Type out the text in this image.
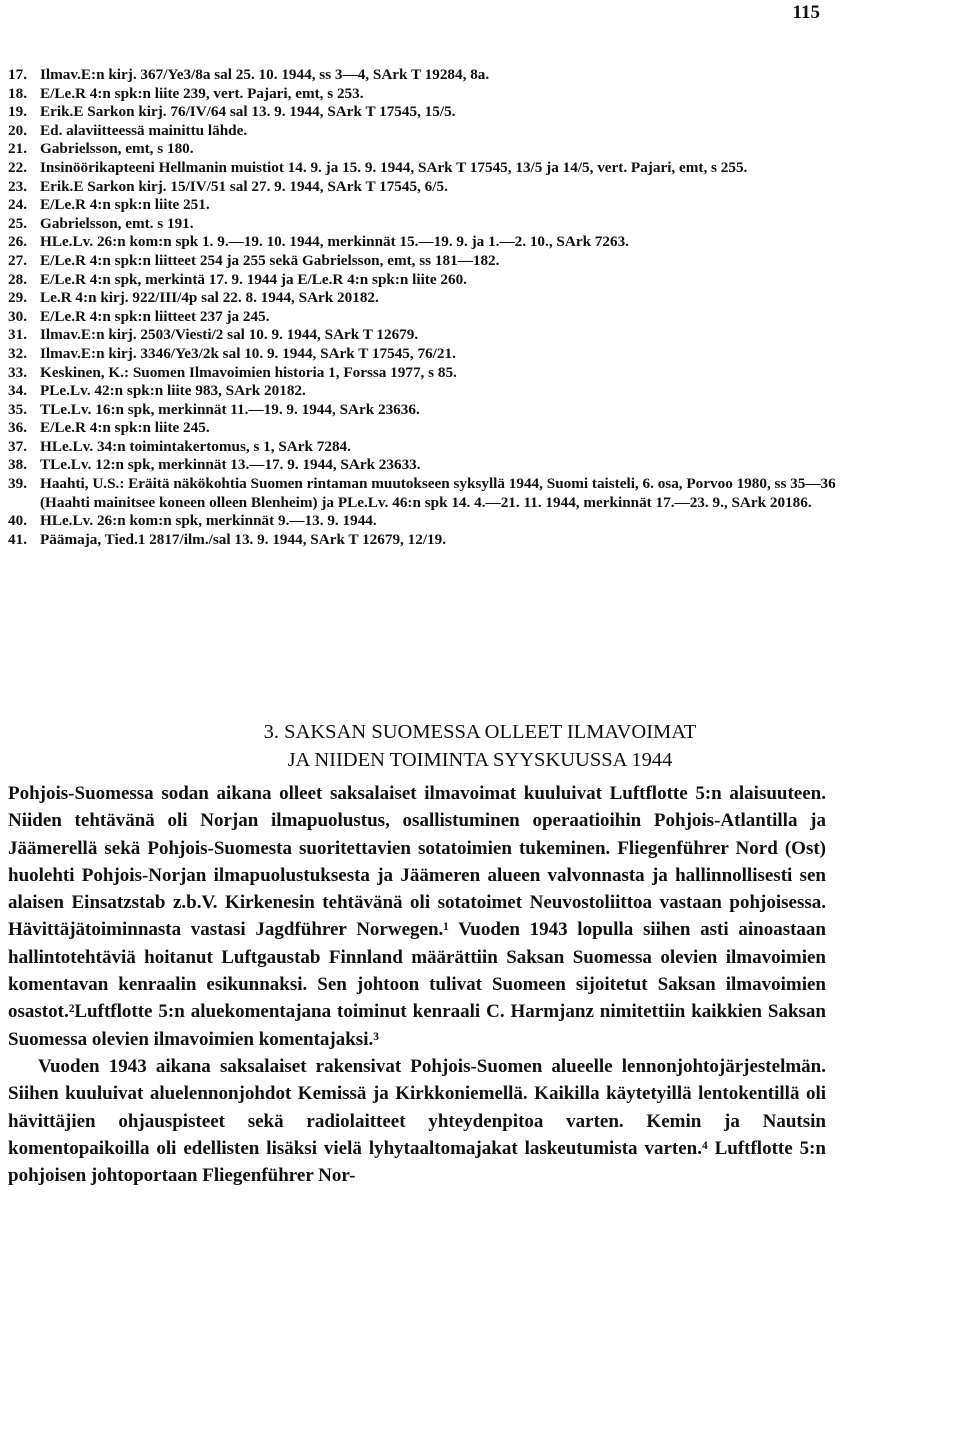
115
17. Ilmav.E:n kirj. 367/Ye3/8a sal 25. 10. 1944, ss 3—4, SArk T 19284, 8a.
18. E/Le.R 4:n spk:n liite 239, vert. Pajari, emt, s 253.
19. Erik.E Sarkon kirj. 76/IV/64 sal 13. 9. 1944, SArk T 17545, 15/5.
20. Ed. alaviitteessä mainittu lähde.
21. Gabrielsson, emt, s 180.
22. Insinöörikapteeni Hellmanin muistiot 14. 9. ja 15. 9. 1944, SArk T 17545, 13/5 ja 14/5, vert. Pajari, emt, s 255.
23. Erik.E Sarkon kirj. 15/IV/51 sal 27. 9. 1944, SArk T 17545, 6/5.
24. E/Le.R 4:n spk:n liite 251.
25. Gabrielsson, emt. s 191.
26. HLe.Lv. 26:n kom:n spk 1. 9.—19. 10. 1944, merkinnät 15.—19. 9. ja 1.—2. 10., SArk 7263.
27. E/Le.R 4:n spk:n liitteet 254 ja 255 sekä Gabrielsson, emt, ss 181—182.
28. E/Le.R 4:n spk, merkintä 17. 9. 1944 ja E/Le.R 4:n spk:n liite 260.
29. Le.R 4:n kirj. 922/III/4p sal 22. 8. 1944, SArk 20182.
30. E/Le.R 4:n spk:n liitteet 237 ja 245.
31. Ilmav.E:n kirj. 2503/Viesti/2 sal 10. 9. 1944, SArk T 12679.
32. Ilmav.E:n kirj. 3346/Ye3/2k sal 10. 9. 1944, SArk T 17545, 76/21.
33. Keskinen, K.: Suomen Ilmavoimien historia 1, Forssa 1977, s 85.
34. PLe.Lv. 42:n spk:n liite 983, SArk 20182.
35. TLe.Lv. 16:n spk, merkinnät 11.—19. 9. 1944, SArk 23636.
36. E/Le.R 4:n spk:n liite 245.
37. HLe.Lv. 34:n toimintakertomus, s 1, SArk 7284.
38. TLe.Lv. 12:n spk, merkinnät 13.—17. 9. 1944, SArk 23633.
39. Haahti, U.S.: Eräitä näkökohtia Suomen rintaman muutokseen syksyllä 1944, Suomi taisteli, 6. osa, Porvoo 1980, ss 35—36 (Haahti mainitsee koneen olleen Blenheim) ja PLe.Lv. 46:n spk 14. 4.—21. 11. 1944, merkinnät 17.—23. 9., SArk 20186.
40. HLe.Lv. 26:n kom:n spk, merkinnät 9.—13. 9. 1944.
41. Päämaja, Tied.1 2817/ilm./sal 13. 9. 1944, SArk T 12679, 12/19.
3. SAKSAN SUOMESSA OLLEET ILMAVOIMAT
JA NIIDEN TOIMINTA SYYSKUUSSA 1944

Pohjois-Suomessa sodan aikana olleet saksalaiset ilmavoimat kuuluivat Luftflotte 5:n alaisuuteen. Niiden tehtävänä oli Norjan ilmapuolustus, osallistuminen operaatioihin Pohjois-Atlantilla ja Jäämerellä sekä Pohjois-Suomesta suoritettavien sotatoimien tukeminen. Fliegenführer Nord (Ost) huolehti Pohjois-Norjan ilmapuolustuksesta ja Jäämeren alueen valvonnasta ja hallinnollisesti sen alaisen Einsatzstab z.b.V. Kirkenesin tehtävänä oli sotatoimet Neuvostoliittoa vastaan pohjoisessa. Hävittäjätoiminnasta vastasi Jagdführer Norwegen.¹ Vuoden 1943 lopulla siihen asti ainoastaan hallintotehtäviä hoitanut Luftgaustab Finnland määrättiin Saksan Suomessa olevien ilmavoimien komentavan kenraalin esikunnaksi. Sen johtoon tulivat Suomeen sijoitetut Saksan ilmavoimien osastot.²Luftflotte 5:n aluekomentajana toiminut kenraali C. Harmjanz nimitettiin kaikkien Saksan Suomessa olevien ilmavoimien komentajaksi.³

Vuoden 1943 aikana saksalaiset rakensivat Pohjois-Suomen alueelle lennonjohtojärjestelmän. Siihen kuuluivat aluelennonjohdot Kemissä ja Kirkkoniemellä. Kaikilla käytetyillä lentokentillä oli hävittäjien ohjauspisteet sekä radiolaitteet yhteydenpitoa varten. Kemin ja Nautsin komentopaikoilla oli edellisten lisäksi vielä lyhytaaltomajakat laskeutumista varten.⁴ Luftflotte 5:n pohjoisen johtoportaan Fliegenführer Nor-
